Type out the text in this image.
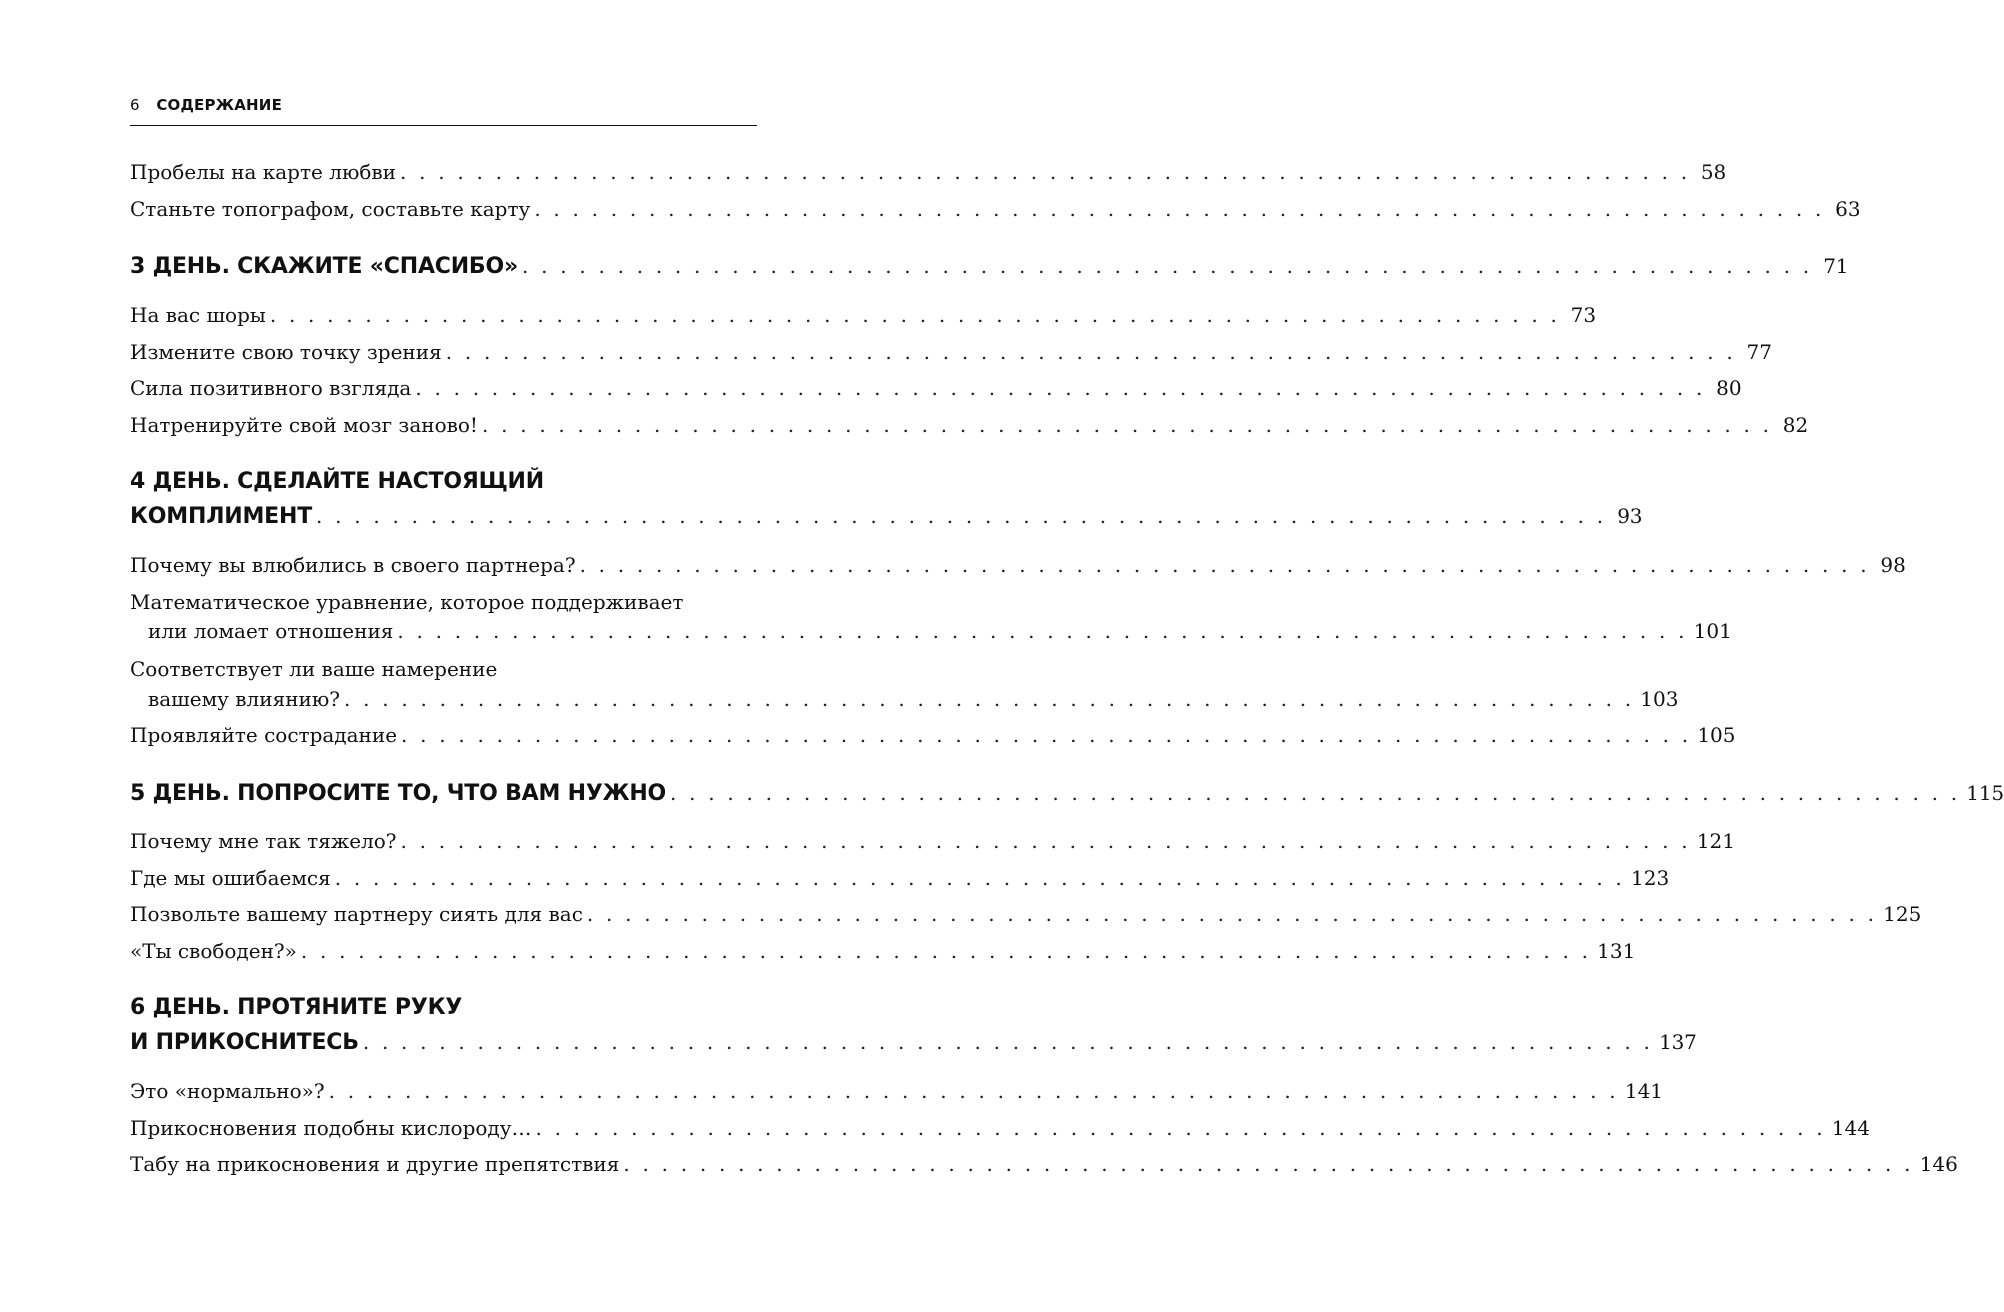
6 СОДЕРЖАНИЕ
Пробелы на карте любви . . . . . . . . . . . . . . . . . . . . . . . . . . . . . . . . . . . . . . . . . . . . . . . . . . . . . . . . . . . . . . . . . . . . 58
Станьте топографом, составьте карту . . . . . . . . . . . . . . . . . . . . . . . . . . . . . . . . . . . . . . . . . . . . . . . . . . . . . . . . . . . . . . . . . . . . 63
3 ДЕНЬ. СКАЖИТЕ «СПАСИБО» . . . . . . . . . . . . . . . . . . . . . . . . . . . . . . . . . . . . . . . . . . . . . . . . . . . . . . . . . . . . . . . . . . . . 71
На вас шоры . . . . . . . . . . . . . . . . . . . . . . . . . . . . . . . . . . . . . . . . . . . . . . . . . . . . . . . . . . . . . . . . . . . . 73
Измените свою точку зрения . . . . . . . . . . . . . . . . . . . . . . . . . . . . . . . . . . . . . . . . . . . . . . . . . . . . . . . . . . . . . . . . . . . . 77
Сила позитивного взгляда . . . . . . . . . . . . . . . . . . . . . . . . . . . . . . . . . . . . . . . . . . . . . . . . . . . . . . . . . . . . . . . . . . . . 80
Натренируйте свой мозг заново! . . . . . . . . . . . . . . . . . . . . . . . . . . . . . . . . . . . . . . . . . . . . . . . . . . . . . . . . . . . . . . . . . . . . 82
4 ДЕНЬ. СДЕЛАЙТЕ НАСТОЯЩИЙ
КОМПЛИМЕНТ . . . . . . . . . . . . . . . . . . . . . . . . . . . . . . . . . . . . . . . . . . . . . . . . . . . . . . . . . . . . . . . . . . . . 93
Почему вы влюбились в своего партнера? . . . . . . . . . . . . . . . . . . . . . . . . . . . . . . . . . . . . . . . . . . . . . . . . . . . . . . . . . . . . . . . . . . . . 98
Математическое уравнение, которое поддерживает
или ломает отношения . . . . . . . . . . . . . . . . . . . . . . . . . . . . . . . . . . . . . . . . . . . . . . . . . . . . . . . . . . . . . . . . . . . . 101
Соответствует ли ваше намерение
вашему влиянию? . . . . . . . . . . . . . . . . . . . . . . . . . . . . . . . . . . . . . . . . . . . . . . . . . . . . . . . . . . . . . . . . . . . . 103
Проявляйте сострадание . . . . . . . . . . . . . . . . . . . . . . . . . . . . . . . . . . . . . . . . . . . . . . . . . . . . . . . . . . . . . . . . . . . . 105
5 ДЕНЬ. ПОПРОСИТЕ ТО, ЧТО ВАМ НУЖНО . . . . . . . . . . . . . . . . . . . . . . . . . . . . . . . . . . . . . . . . . . . . . . . . . . . . . . . . . . . . . . . . . . . . 115
Почему мне так тяжело? . . . . . . . . . . . . . . . . . . . . . . . . . . . . . . . . . . . . . . . . . . . . . . . . . . . . . . . . . . . . . . . . . . . . 121
Где мы ошибаемся . . . . . . . . . . . . . . . . . . . . . . . . . . . . . . . . . . . . . . . . . . . . . . . . . . . . . . . . . . . . . . . . . . . . 123
Позвольте вашему партнеру сиять для вас . . . . . . . . . . . . . . . . . . . . . . . . . . . . . . . . . . . . . . . . . . . . . . . . . . . . . . . . . . . . . . . . . . . . 125
«Ты свободен?» . . . . . . . . . . . . . . . . . . . . . . . . . . . . . . . . . . . . . . . . . . . . . . . . . . . . . . . . . . . . . . . . . . . . 131
6 ДЕНЬ. ПРОТЯНИТЕ РУКУ
И ПРИКОСНИТЕСЬ . . . . . . . . . . . . . . . . . . . . . . . . . . . . . . . . . . . . . . . . . . . . . . . . . . . . . . . . . . . . . . . . . . . . 137
Это «нормально»? . . . . . . . . . . . . . . . . . . . . . . . . . . . . . . . . . . . . . . . . . . . . . . . . . . . . . . . . . . . . . . . . . . . . 141
Прикосновения подобны кислороду… . . . . . . . . . . . . . . . . . . . . . . . . . . . . . . . . . . . . . . . . . . . . . . . . . . . . . . . . . . . . . . . . . . . . 144
Табу на прикосновения и другие препятствия . . . . . . . . . . . . . . . . . . . . . . . . . . . . . . . . . . . . . . . . . . . . . . . . . . . . . . . . . . . . . . . . . . . . 146
